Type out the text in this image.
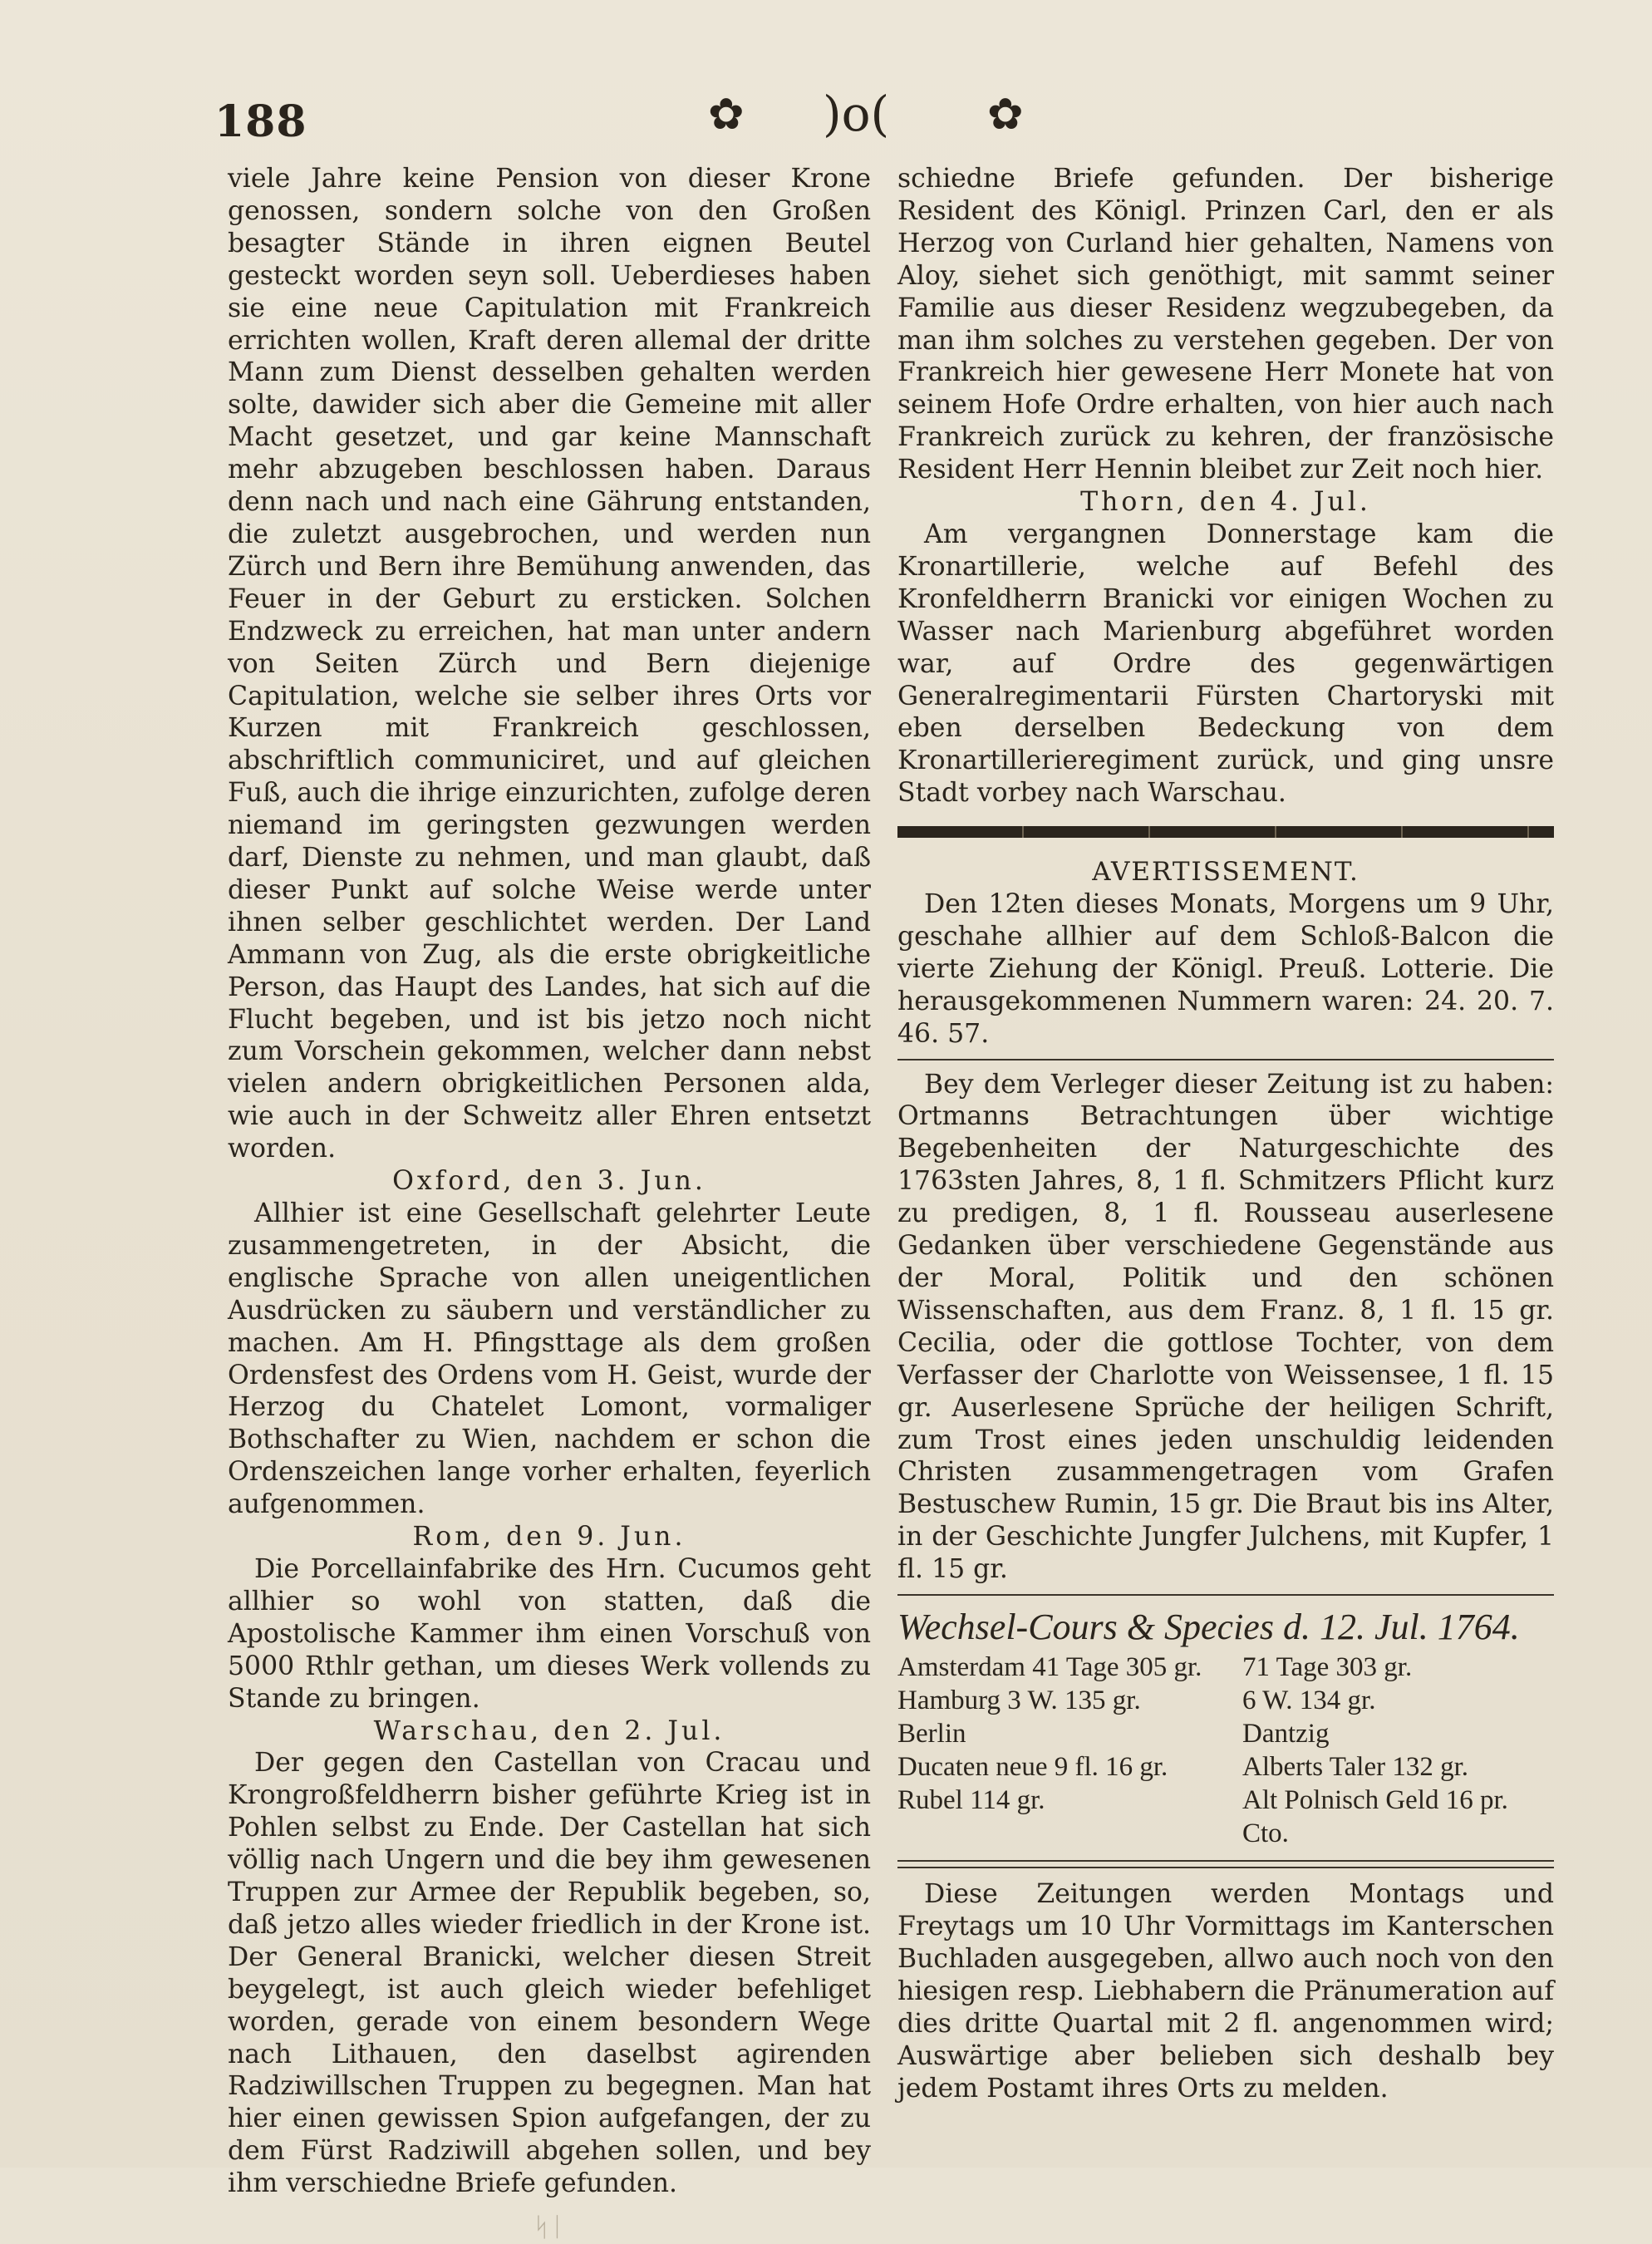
188	✿ )o( ✿

viele Jahre keine Pension von dieser Krone genossen, sondern solche von den Großen besagter Stände in ihren eignen Beutel gesteckt worden seyn soll. Ueberdieses haben sie eine neue Capitulation mit Frankreich errichten wollen, Kraft deren allemal der dritte Mann zum Dienst desselben gehalten werden solte, dawider sich aber die Gemeine mit aller Macht gesetzet, und gar keine Mannschaft mehr abzugeben beschlossen haben. Daraus denn nach und nach eine Gährung entstanden, die zuletzt ausgebrochen, und werden nun Zürch und Bern ihre Bemühung anwenden, das Feuer in der Geburt zu ersticken. Solchen Endzweck zu erreichen, hat man unter andern von Seiten Zürch und Bern diejenige Capitulation, welche sie selber ihres Orts vor Kurzen mit Frankreich geschlossen, abschriftlich communiciret, und auf gleichen Fuß, auch die ihrige einzurichten, zufolge deren niemand im geringsten gezwungen werden darf, Dienste zu nehmen, und man glaubt, daß dieser Punkt auf solche Weise werde unter ihnen selber geschlichtet werden. Der Land Ammann von Zug, als die erste obrigkeitliche Person, das Haupt des Landes, hat sich auf die Flucht begeben, und ist bis jetzo noch nicht zum Vorschein gekommen, welcher dann nebst vielen andern obrigkeitlichen Personen alda, wie auch in der Schweitz aller Ehren entsetzt worden.

Oxford, den 3. Jun.

Allhier ist eine Gesellschaft gelehrter Leute zusammengetreten, in der Absicht, die englische Sprache von allen uneigentlichen Ausdrücken zu säubern und verständlicher zu machen. Am H. Pfingsttage als dem großen Ordensfest des Ordens vom H. Geist, wurde der Herzog du Chatelet Lomont, vormaliger Bothschafter zu Wien, nachdem er schon die Ordenszeichen lange vorher erhalten, feyerlich aufgenommen.

Rom, den 9. Jun.

Die Porcellainfabrike des Hrn. Cucumos geht allhier so wohl von statten, daß die Apostolische Kammer ihm einen Vorschuß von 5000 Rthlr gethan, um dieses Werk vollends zu Stande zu bringen.

Warschau, den 2. Jul.

Der gegen den Castellan von Cracau und Krongroßfeldherrn bisher geführte Krieg ist in Pohlen selbst zu Ende. Der Castellan hat sich völlig nach Ungern und die bey ihm gewesenen Truppen zur Armee der Republik begeben, so, daß jetzo alles wieder friedlich in der Krone ist. Der General Branicki, welcher diesen Streit beygelegt, ist auch gleich wieder befehliget worden, gerade von einem besondern Wege nach Lithauen, den daselbst agirenden Radziwillschen Truppen zu begegnen. Man hat hier einen gewissen Spion aufgefangen, der zu dem Fürst Radziwill abgehen sollen, und bey ihm verschiedne Briefe gefunden.

ᛋᛁ

schiedne Briefe gefunden. Der bisherige Resident des Königl. Prinzen Carl, den er als Herzog von Curland hier gehalten, Namens von Aloy, siehet sich genöthigt, mit sammt seiner Familie aus dieser Residenz wegzubegeben, da man ihm solches zu verstehen gegeben. Der von Frankreich hier gewesene Herr Monete hat von seinem Hofe Ordre erhalten, von hier auch nach Frankreich zurück zu kehren, der französische Resident Herr Hennin bleibet zur Zeit noch hier.

Thorn, den 4. Jul.

Am vergangnen Donnerstage kam die Kronartillerie, welche auf Befehl des Kronfeldherrn Branicki vor einigen Wochen zu Wasser nach Marienburg abgeführet worden war, auf Ordre des gegenwärtigen Generalregimentarii Fürsten Chartoryski mit eben derselben Bedeckung von dem Kronartillerieregiment zurück, und ging unsre Stadt vorbey nach Warschau.

AVERTISSEMENT.

Den 12ten dieses Monats, Morgens um 9 Uhr, geschahe allhier auf dem Schloß-Balcon die vierte Ziehung der Königl. Preuß. Lotterie. Die herausgekommenen Nummern waren: 24. 20. 7. 46. 57.

Bey dem Verleger dieser Zeitung ist zu haben: Ortmanns Betrachtungen über wichtige Begebenheiten der Naturgeschichte des 1763sten Jahres, 8, 1 fl. Schmitzers Pflicht kurz zu predigen, 8, 1 fl. Rousseau auserlesene Gedanken über verschiedene Gegenstände aus der Moral, Politik und den schönen Wissenschaften, aus dem Franz. 8, 1 fl. 15 gr. Cecilia, oder die gottlose Tochter, von dem Verfasser der Charlotte von Weissensee, 1 fl. 15 gr. Auserlesene Sprüche der heiligen Schrift, zum Trost eines jeden unschuldig leidenden Christen zusammengetragen vom Grafen Bestuschew Rumin, 15 gr. Die Braut bis ins Alter, in der Geschichte Jungfer Julchens, mit Kupfer, 1 fl. 15 gr.

Wechsel-Cours & Species d. 12. Jul. 1764.
Amsterdam 41 Tage 305 gr.	71 Tage 303 gr.
Hamburg 3 W. 135 gr.	6 W. 134 gr.
Berlin	Dantzig
Ducaten neue 9 fl. 16 gr.	Alberts Taler 132 gr.
Rubel 114 gr.	Alt Polnisch Geld 16 pr. Cto.

Diese Zeitungen werden Montags und Freytags um 10 Uhr Vormittags im Kanterschen Buchladen ausgegeben, allwo auch noch von den hiesigen resp. Liebhabern die Pränumeration auf dies dritte Quartal mit 2 fl. angenommen wird; Auswärtige aber belieben sich deshalb bey jedem Postamt ihres Orts zu melden.
